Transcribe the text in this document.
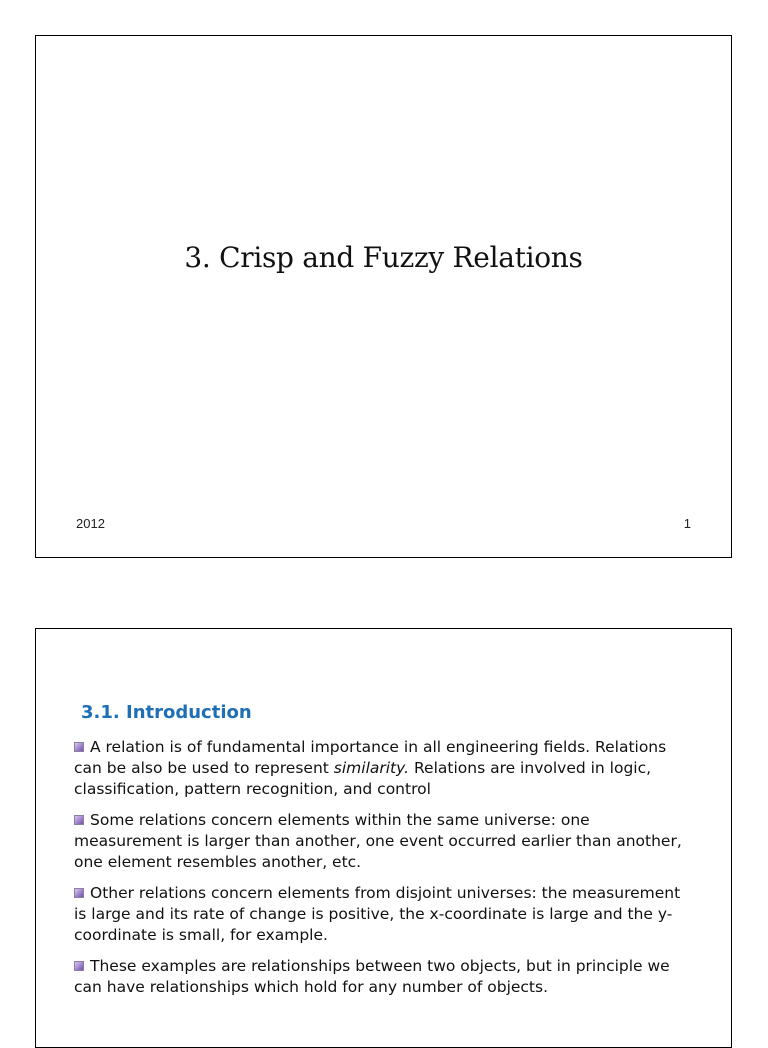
3. Crisp and Fuzzy Relations
2012	1
3.1. Introduction
A relation is of fundamental importance in all engineering fields. Relations can be also be used to represent similarity. Relations are involved in logic, classification, pattern recognition, and control
Some relations concern elements within the same universe: one measurement is larger than another, one event occurred earlier than another, one element resembles another, etc.
Other relations concern elements from disjoint universes: the measurement is large and its rate of change is positive, the x-coordinate is large and the y-coordinate is small, for example.
These examples are relationships between two objects, but in principle we can have relationships which hold for any number of objects.
